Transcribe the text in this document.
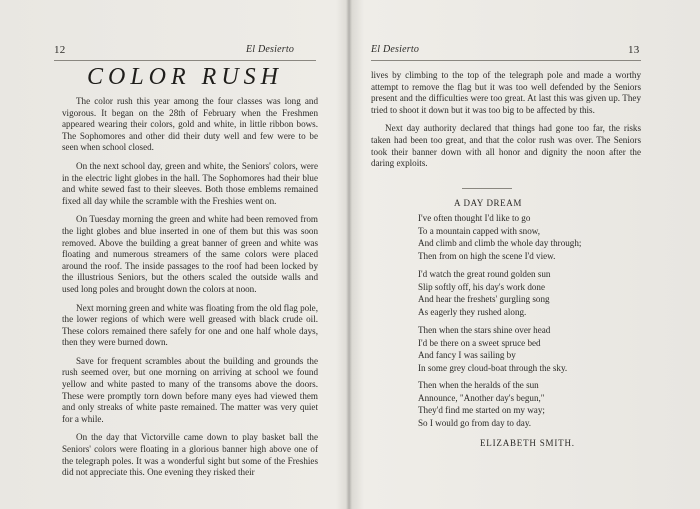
12	El Desierto
COLOR RUSH

The color rush this year among the four classes was long and vigorous. It began on the 28th of February when the Freshmen appeared wearing their colors, gold and white, in little ribbon bows. The Sophomores and other did their duty well and few were to be seen when school closed.

On the next school day, green and white, the Seniors' colors, were in the electric light globes in the hall. The Sophomores had their blue and white sewed fast to their sleeves. Both those emblems remained fixed all day while the scramble with the Freshies went on.

On Tuesday morning the green and white had been removed from the light globes and blue inserted in one of them but this was soon removed. Above the building a great banner of green and white was floating and numerous streamers of the same colors were placed around the roof. The inside passages to the roof had been locked by the illustrious Seniors, but the others scaled the outside walls and used long poles and brought down the colors at noon.

Next morning green and white was floating from the old flag pole, the lower regions of which were well greased with black crude oil. These colors remained there safely for one and one half whole days, then they were burned down.

Save for frequent scrambles about the building and grounds the rush seemed over, but one morning on arriving at school we found yellow and white pasted to many of the transoms above the doors. These were promptly torn down before many eyes had viewed them and only streaks of white paste remained. The matter was very quiet for a while.

On the day that Victorville came down to play basket ball the Seniors' colors were floating in a glorious banner high above one of the telegraph poles. It was a wonderful sight but some of the Freshies did not appreciate this. One evening they risked their

El Desierto	13

lives by climbing to the top of the telegraph pole and made a worthy attempt to remove the flag but it was too well defended by the Seniors present and the difficulties were too great. At last this was given up. They tried to shoot it down but it was too big to be affected by this.

Next day authority declared that things had gone too far, the risks taken had been too great, and that the color rush was over. The Seniors took their banner down with all honor and dignity the noon after the daring exploits.

A DAY DREAM
I've often thought I'd like to go
To a mountain capped with snow,
And climb and climb the whole day through;
Then from on high the scene I'd view.
I'd watch the great round golden sun
Slip softly off, his day's work done
And hear the freshets' gurgling song
As eagerly they rushed along.
Then when the stars shine over head
I'd be there on a sweet spruce bed
And fancy I was sailing by
In some grey cloud-boat through the sky.
Then when the heralds of the sun
Announce, "Another day's begun,"
They'd find me started on my way;
So I would go from day to day.
ELIZABETH SMITH.
